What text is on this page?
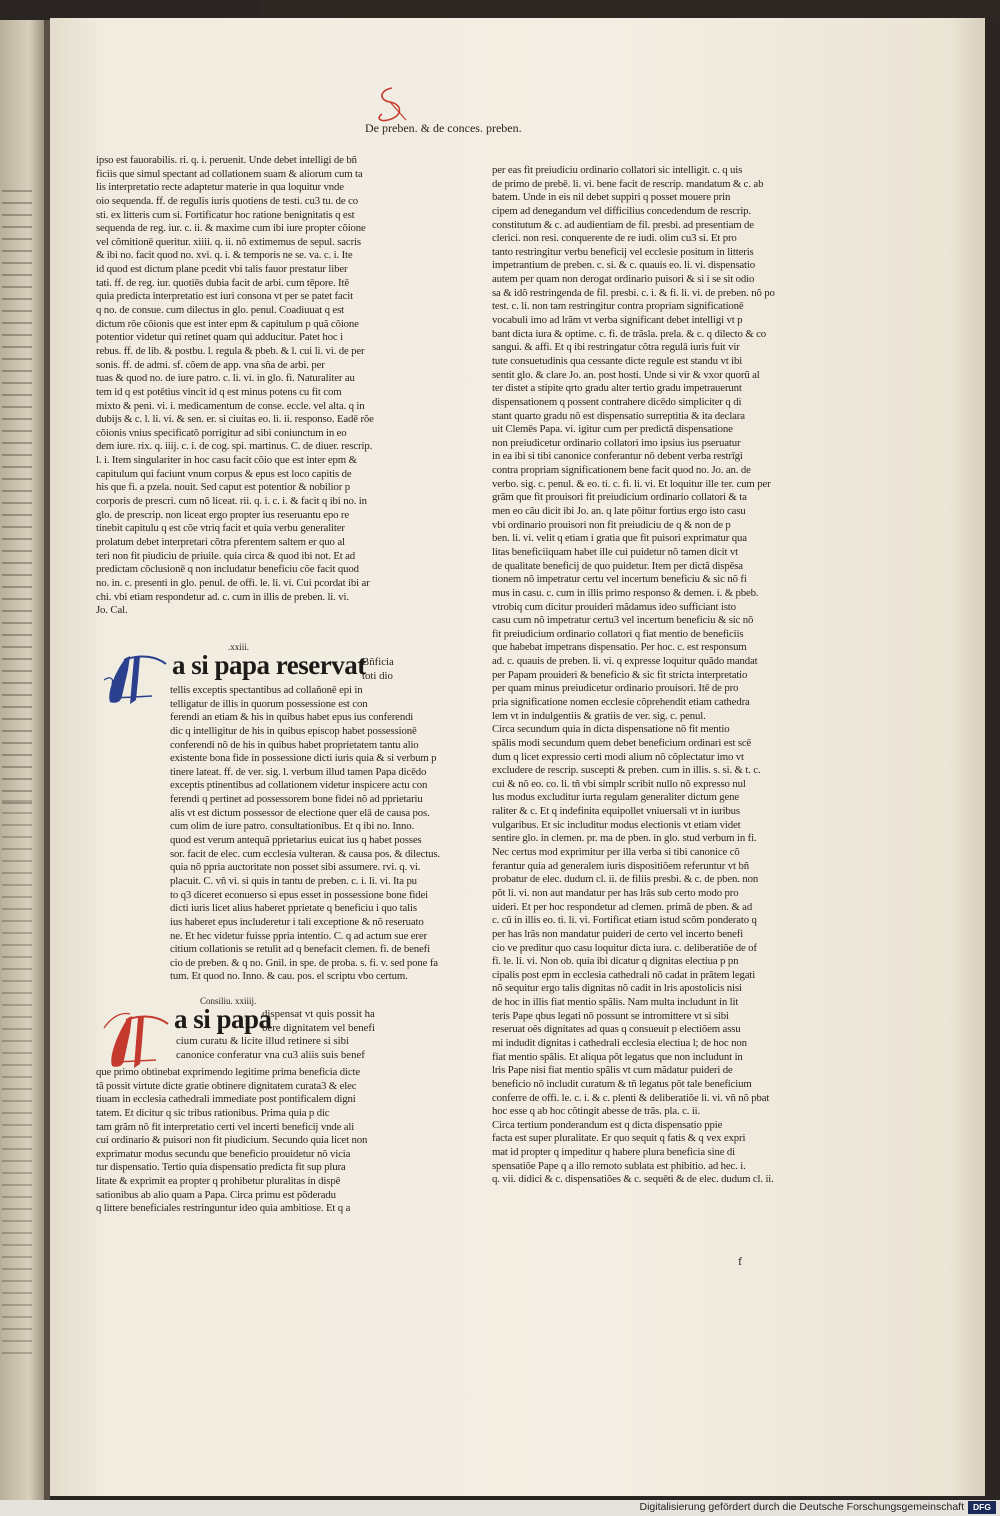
De preben. & de conces. preben.
ipso est fauorabilis. ri. q. i. peruenit. Unde debet intelligi de bñ
ficiis que simul spectant ad collationem suam & aliorum cum ta
lis interpretatio recte adaptetur materie in qua loquitur vnde
oio sequenda. ff. de regulis iuris quotiens de testi. cu3 tu. de co
sti. ex litteris cum si. Fortificatur hoc ratione benignitatis q est
sequenda de reg. iur. c. ii. & maxime cum ibi iure propter cõione
vel cõmitionē queritur. xiiii. q. ii. nõ extimemus de sepul. sacris
& ibi no. facit quod no. xvi. q. i. & temporis ne se. va. c. i. Ite
id quod est dictum plane pcedit vbi talis fauor prestatur liber
tati. ff. de reg. iur. quotiēs dubia facit de arbi. cum tēpore. Itē
quia predicta interpretatio est iuri consona vt per se patet facit
q no. de consue. cum dilectus in glo. penul. Coadiuuat q est
dictum rõe cõionis que est inter epm & capitulum p quã cõione
potentior videtur qui retinet quam qui adducitur. Patet hoc i
rebus. ff. de lib. & postbu. l. regula & pbeb. & l. cui li. vi. de per
sonis. ff. de admi. sf. cõem de app. vna sña de arbi. per
tuas & quod no. de iure patro. c. li. vi. in glo. fi. Naturaliter au
tem id q est potētius vincit id q est minus potens cu fit com
mixto & peni. vi. i. medicamentum de conse. eccle. vel alta. q in
dubijs & c. l. li. vi. & sen. er. si ciuitas eo. li. ii. responso. Eadē rõe
cõionis vnius specificatõ porrigitur ad sibi coniunctum in eo
dem iure. rix. q. iiij. c. i. de cog. spi. martinus. C. de diuer. rescrip.
l. i. Item singulariter in hoc casu facit cõio que est inter epm &
capitulum qui faciunt vnum corpus & epus est loco capitis de
his que fi. a pzela. nouit. Sed caput est potentior & nobilior p
corporis de prescri. cum nõ liceat. rii. q. i. c. i. & facit q ibi no. in
glo. de prescrip. non liceat ergo propter ius reseruantu epo re
tinebit capitulu q est cõe vtriq facit et quia verbu generaliter
prolatum debet interpretari cõtra pferentem saltem er quo al
teri non fit piudiciu de priuile. quia circa & quod ibi not. Et ad
predictam cõclusionē q non includatur beneficiu cõe facit quod
no. in. c. presenti in glo. penul. de offi. le. li. vi. Cui pcordat ibi ar
chi. vbi etiam respondetur ad. c. cum in illis de preben. li. vi.
Jo. Cal.
.xxiii.
a si papa reservat
Bñficia
toti dio
tellis exceptis spectantibus ad collañonē epi in
telligatur de illis in quorum possessione est con
ferendi an etiam & his in quibus habet epus ius conferendi
dic q intelligitur de his in quibus episcop habet possessionē
conferendi nõ de his in quibus habet proprietatem tantu alio
existente bona fide in possessione dicti iuris quia & si verbum p
tinere lateat. ff. de ver. sig. l. verbum illud tamen Papa dicēdo
exceptis ptinentibus ad collationem videtur inspicere actu con
ferendi q pertinet ad possessorem bone fidei nõ ad pprietariu
alis vt est dictum possessor de electione quer elā de causa pos.
cum olim de iure patro. consultationibus. Et q ibi no. Inno.
quod est verum antequã pprietarius euicat ius q habet posses
sor. facit de elec. cum ecclesia vulteran. & causa pos. & dilectus.
quia nõ ppria auctoritate non posset sibi assumere. rvi. q. vi.
placuit. C. vñ vi. si quis in tantu de preben. c. i. li. vi. Ita pu
to q3 diceret econuerso si epus esset in possessione bone fidei
dicti iuris licet alius haberet pprietate q beneficiu i quo talis
ius haberet epus includeretur i tali exceptione & nõ reseruato
ne. Et hec videtur fuisse ppria intentio. C. q ad actum sue erer
citium collationis se retulit ad q benefacit clemen. fi. de benefi
cio de preben. & q no. Gnil. in spe. de proba. s. fi. v. sed pone fa
tum. Et quod no. Inno. & cau. pos. el scriptu vbo certum.
Consiliu. xxiiij.
a si papa
dispensat vt quis possit ha
bere dignitatem vel benefi
cium curatu & licite illud retinere si sibi
canonice conferatur vna cu3 aliis suis benef
que primo obtinebat exprimendo legitime prima beneficia dicte
tã possit virtute dicte gratie obtinere dignitatem curata3 & elec
tiuam in ecclesia cathedrali immediate post pontificalem digni
tatem. Et dicitur q sic tribus rationibus. Prima quia p dic
tam grãm nõ fit interpretatio certi vel incerti beneficij vnde ali
cui ordinario & puisori non fit piudicium. Secundo quia licet non
exprimatur modus secundu que beneficio prouidetur nõ vicia
tur dispensatio. Tertio quia dispensatio predicta fit sup plura
litate & exprimit ea propter q prohibetur pluralitas in dispē
sationibus ab alio quam a Papa. Circa primu est põderadu
q littere beneficiales restringuntur ideo quia ambitiose. Et q a
per eas fit preiudiciu ordinario collatori sic intelligit. c. q uis
de primo de prebē. li. vi. bene facit de rescrip. mandatum & c. ab
batem. Unde in eis nil debet suppiri q posset mouere prin
cipem ad denegandum vel difficilius concedendum de rescrip.
constitutum & c. ad audientiam de fil. presbi. ad presentiam de
clerici. non resi. conquerente de re iudi. olim cu3 si. Et pro
tanto restringitur verbu beneficij vel ecclesie positum in litteris
impetrantium de preben. c. si. & c. quauis eo. li. vi. dispensatio
autem per quam non derogat ordinario puisori & si i se sit odio
sa & idõ restringenda de fil. presbi. c. i. & fi. li. vi. de preben. nõ po
test. c. li. non tam restringitur contra propriam significationē
vocabuli imo ad lrãm vt verba significant debet intelligi vt p
bant dicta iura & optime. c. fi. de trãsla. prela. & c. q dilecto & co
sangui. & affi. Et q ibi restringatur cõtra regulā iuris fuit vir
tute consuetudinis qua cessante dicte regule est standu vt ibi
sentit glo. & clare Jo. an. post hosti. Unde si vir & vxor quorũ al
ter distet a stipite qrto gradu alter tertio gradu impetrauerunt
dispensationem q possent contrahere dicēdo simpliciter q di
stant quarto gradu nõ est dispensatio surreptitia & ita declara
uit Clemēs Papa. vi. igitur cum per predictã dispensatione
non preiudicetur ordinario collatori imo ipsius ius pseruatur
in ea ibi si tibi canonice conferantur nõ debent verba restrīgi
contra propriam significationem bene facit quod no. Jo. an. de
verbo. sig. c. penul. & eo. ti. c. fi. li. vi. Et loquitur ille ter. cum per
grãm que fit prouisori fit preiudicium ordinario collatori & ta
men eo cãu dicit ibi Jo. an. q late põitur fortius ergo isto casu
vbi ordinario prouisori non fit preiudiciu de q & non de p
ben. li. vi. velit q etiam i gratia que fit puisori exprimatur qua
litas beneficiiquam habet ille cui puidetur nõ tamen dicit vt
de qualitate beneficij de quo puidetur. Item per dictã dispēsa
tionem nõ impetratur certu vel incertum beneficiu & sic nõ fi
mus in casu. c. cum in illis primo responso & demen. i. & pbeb.
vtrobiq cum dicitur prouideri mãdamus ideo sufficiant isto
casu cum nõ impetratur certu3 vel incertum beneficiu & sic nõ
fit preiudicium ordinario collatori q fiat mentio de beneficiis
que habebat impetrans dispensatio. Per hoc. c. est responsum
ad. c. quauis de preben. li. vi. q expresse loquitur quãdo mandat
per Papam prouideri & beneficio & sic fit stricta interpretatio
per quam minus preiudicetur ordinario prouisori. Itē de pro
pria significatione nomen ecclesie cõprehendit etiam cathedra
lem vt in indulgentiis & gratiis de ver. sig. c. penul.
Circa secundum quia in dicta dispensatione nõ fit mentio
spãlis modi secundum quem debet beneficium ordinari est scē
dum q licet expressio certi modi alium nõ cõplectatur imo vt
excludere de rescrip. suscepti & preben. cum in illis. s. si. & t. c.
cui & nõ eo. co. li. tñ vbi simplr scribit nullo nõ expresso nul
lus modus excluditur iurta regulam generaliter dictum gene
raliter & c. Et q indefinita equipollet vniuersali vt in iuribus
vulgaribus. Et sic includitur modus electionis vt etiam videt
sentire glo. in clemen. pr. ma de pben. in glo. stud verbum in fi.
Nec certus mod exprimitur per illa verba si tibi canonice cõ
ferantur quia ad generalem iuris dispositiõem referuntur vt bñ
probatur de elec. dudum cl. ii. de filiis presbi. & c. de pben. non
põt li. vi. non aut mandatur per has lrãs sub certo modo pro
uideri. Et per hoc respondetur ad clemen. primã de pben. & ad
c. cũ in illis eo. ti. li. vi. Fortificat etiam istud scõm ponderato q
per has lrãs non mandatur puideri de certo vel incerto benefi
cio ve preditur quo casu loquitur dicta iura. c. deliberatiõe de of
fi. le. li. vi. Non ob. quia ibi dicatur q dignitas electiua p pn
cipalis post epm in ecclesia cathedrali nõ cadat in prãtem legati
nõ sequitur ergo talis dignitas nõ cadit in lris apostolicis nisi
de hoc in illis fiat mentio spãlis. Nam multa includunt in lit
teris Pape qbus legati nõ possunt se intromittere vt si sibi
reseruat oẽs dignitates ad quas q consueuit p electiõem assu
mi indudit dignitas i cathedrali ecclesia electiua l; de hoc non
fiat mentio spãlis. Et aliqua põt legatus que non includunt in
lris Pape nisi fiat mentio spãlis vt cum mãdatur puideri de
beneficio nõ includit curatum & tñ legatus põt tale beneficium
conferre de offi. le. c. i. & c. plenti & deliberatiõe li. vi. vñ nõ pbat
hoc esse q ab hoc cõtingit abesse de trãs. pla. c. ii.
Circa tertium ponderandum est q dicta dispensatio ppie
facta est super pluralitate. Er quo sequit q fatis & q vex expri
mat id propter q impeditur q habere plura beneficia sine di
spensatiõe Pape q a illo remoto sublata est phibitio. ad hec. i.
q. vii. didici & c. dispensatiões & c. sequēti & de elec. dudum cl. ii.
f
Digitalisierung gefördert durch die Deutsche Forschungsgemeinschaft	DFG
